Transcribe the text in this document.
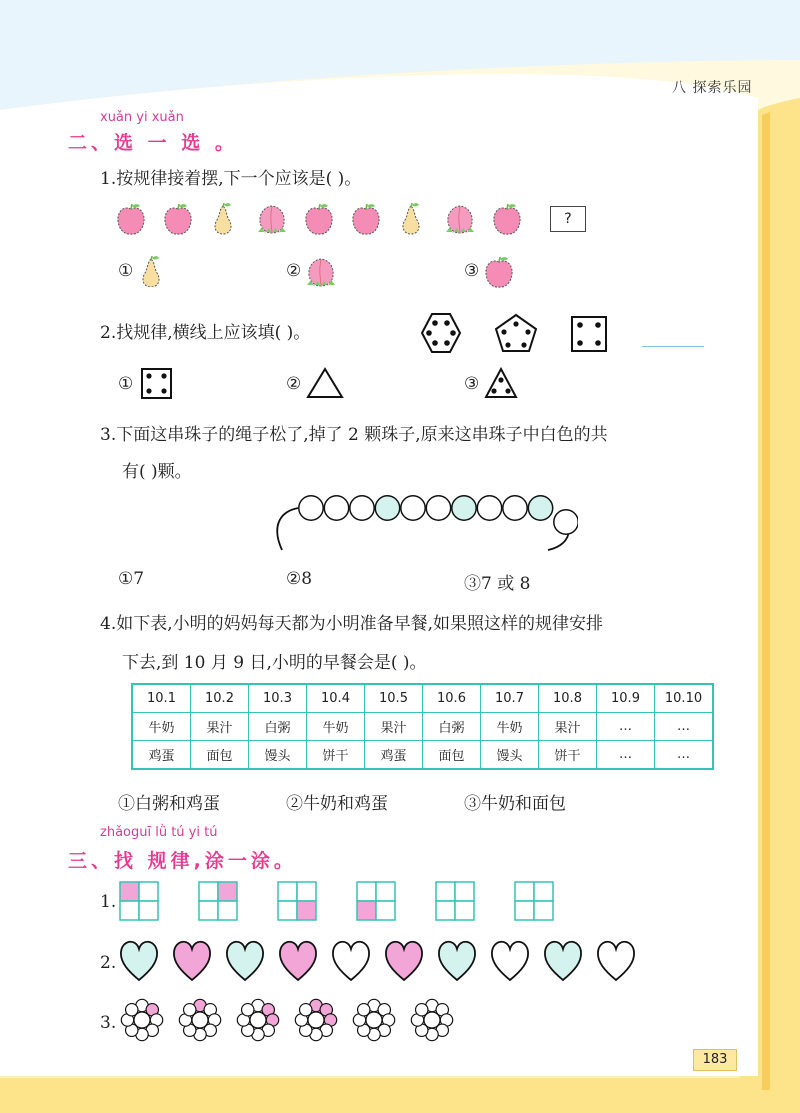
八 探索乐园
xuǎn yi xuǎn
二、选 一 选 。
1.按规律接着摆,下一个应该是( )。
?
①	②	③
2.找规律,横线上应该填( )。
①	②	③
3.下面这串珠子的绳子松了,掉了 2 颗珠子,原来这串珠子中白色的共
有( )颗。
①7	②8	③7 或 8
4.如下表,小明的妈妈每天都为小明准备早餐,如果照这样的规律安排
下去,到 10 月 9 日,小明的早餐会是( )。
10.1	10.2	10.3	10.4	10.5	10.6	10.7	10.8	10.9	10.10
牛奶	果汁	白粥	牛奶	果汁	白粥	牛奶	果汁	…	…
鸡蛋	面包	馒头	饼干	鸡蛋	面包	馒头	饼干	…	…
①白粥和鸡蛋	②牛奶和鸡蛋	③牛奶和面包
zhǎoguī lǜ tú yi tú
三、找 规律,涂一涂。
1.
2.
3.
183
